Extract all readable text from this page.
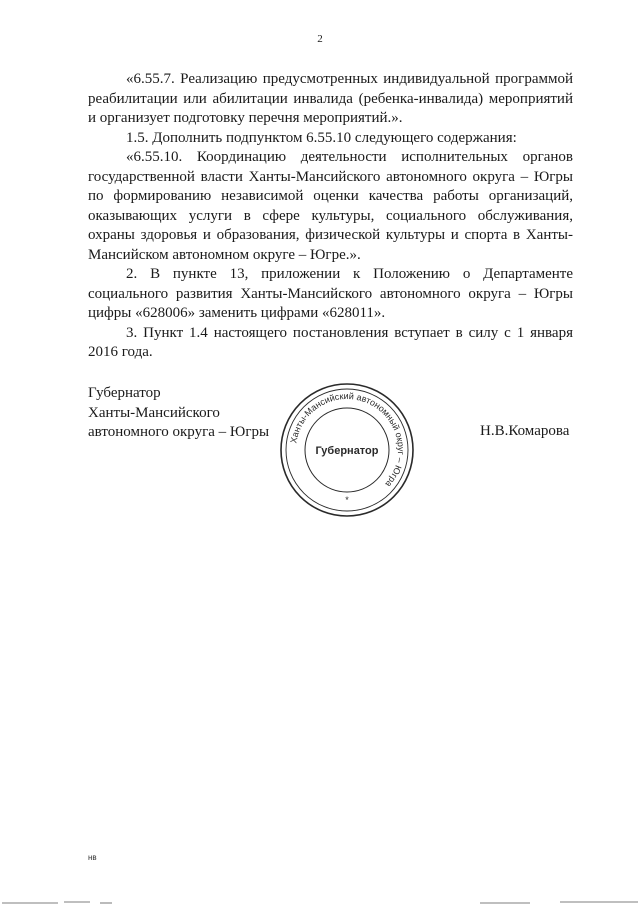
2

«6.55.7. Реализацию предусмотренных индивидуальной программой реабилитации или абилитации инвалида (ребенка-инвалида) мероприятий и организует подготовку перечня мероприятий.».

1.5. Дополнить подпунктом 6.55.10 следующего содержания:

«6.55.10. Координацию деятельности исполнительных органов государственной власти Ханты-Мансийского автономного округа – Югры по формированию независимой оценки качества работы организаций, оказывающих услуги в сфере культуры, социального обслуживания, охраны здоровья и образования, физической культуры и спорта в Ханты-Мансийском автономном округе – Югре.».

2. В пункте 13, приложении к Положению о Департаменте социального развития Ханты-Мансийского автономного округа – Югры цифры «628006» заменить цифрами «628011».

3. Пункт 1.4 настоящего постановления вступает в силу с 1 января 2016 года.

Губернатор
Ханты-Мансийского
автономного округа – Югры
Ханты-Мансийский автономный округ – Югра
Губернатор
*
Н.В.Комарова
нв
